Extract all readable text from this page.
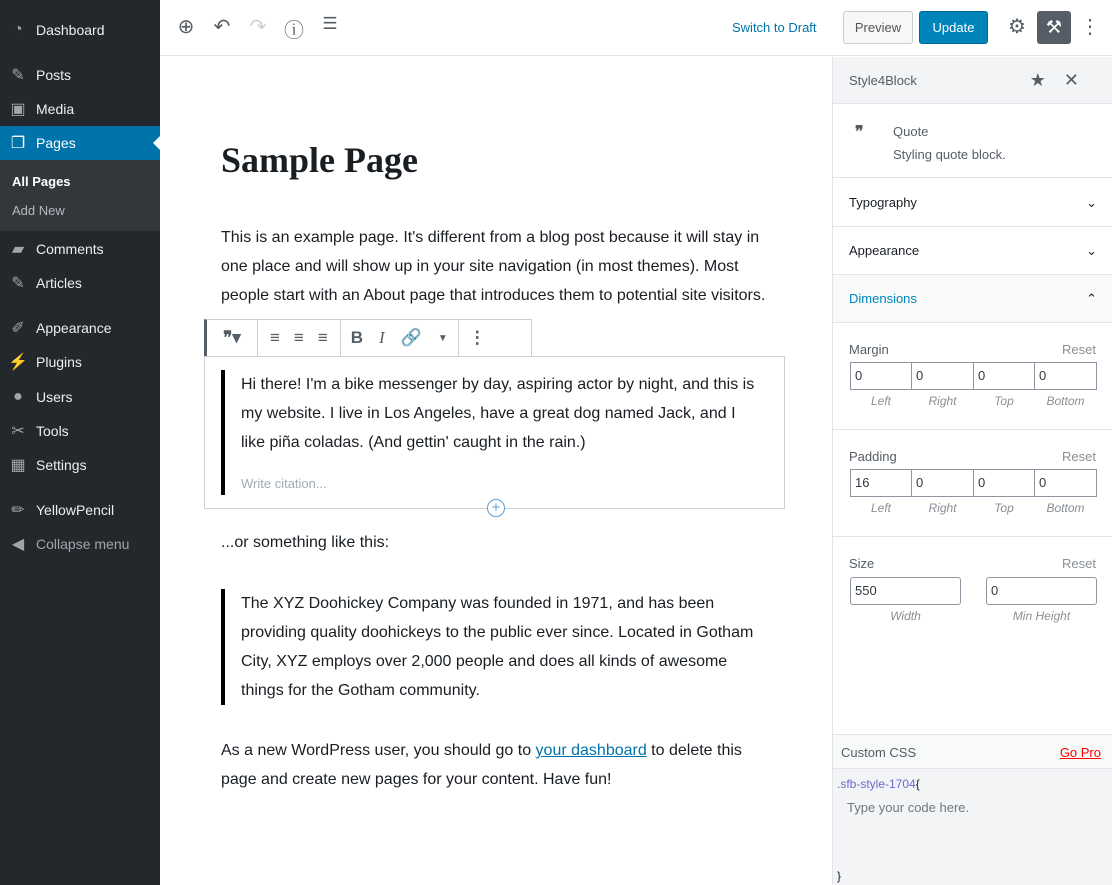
◔ Dashboard
✎ Posts
▣ Media
❐ Pages
All Pages
Add New
▰ Comments
✎ Articles
✐ Appearance
⚡ Plugins
● Users
✂ Tools
▦ Settings
✏ YellowPencil
◀ Collapse menu
⊕ ↶ ↷ ⓘ	☰	Switch to Draft	Preview	Update	⚙	⚒ ⋮
Sample Page
This is an example page. It's different from a blog post because it will stay in one place and will show up in your site navigation (in most themes). Most people start with an About page that introduces them to potential site visitors.
❞▾	≡ ≡ ≡ B I 🔗 ▼	⋮
Hi there! I'm a bike messenger by day, aspiring actor by night, and this is my website. I live in Los Angeles, have a great dog named Jack, and I like piña coladas. (And gettin' caught in the rain.)
Write citation...
+
...or something like this:
The XYZ Doohickey Company was founded in 1971, and has been providing quality doohickeys to the public ever since. Located in Gotham City, XYZ employs over 2,000 people and does all kinds of awesome things for the Gotham community.
As a new WordPress user, you should go to your dashboard to delete this page and create new pages for your content. Have fun!
Style4Block	★✕
❞ Quote
Styling quote block.
Typography	⌄
Appearance	⌄
Dimensions	⌃
Margin	Reset
0	0	0	0
Left	Right	Top	Bottom
Padding	Reset
16	0	0	0
Left	Right	Top	Bottom
Size	Reset
550	0
Width	Min Height
Custom CSS	Go Pro
.sfb-style-1704{
Type your code here.
}
